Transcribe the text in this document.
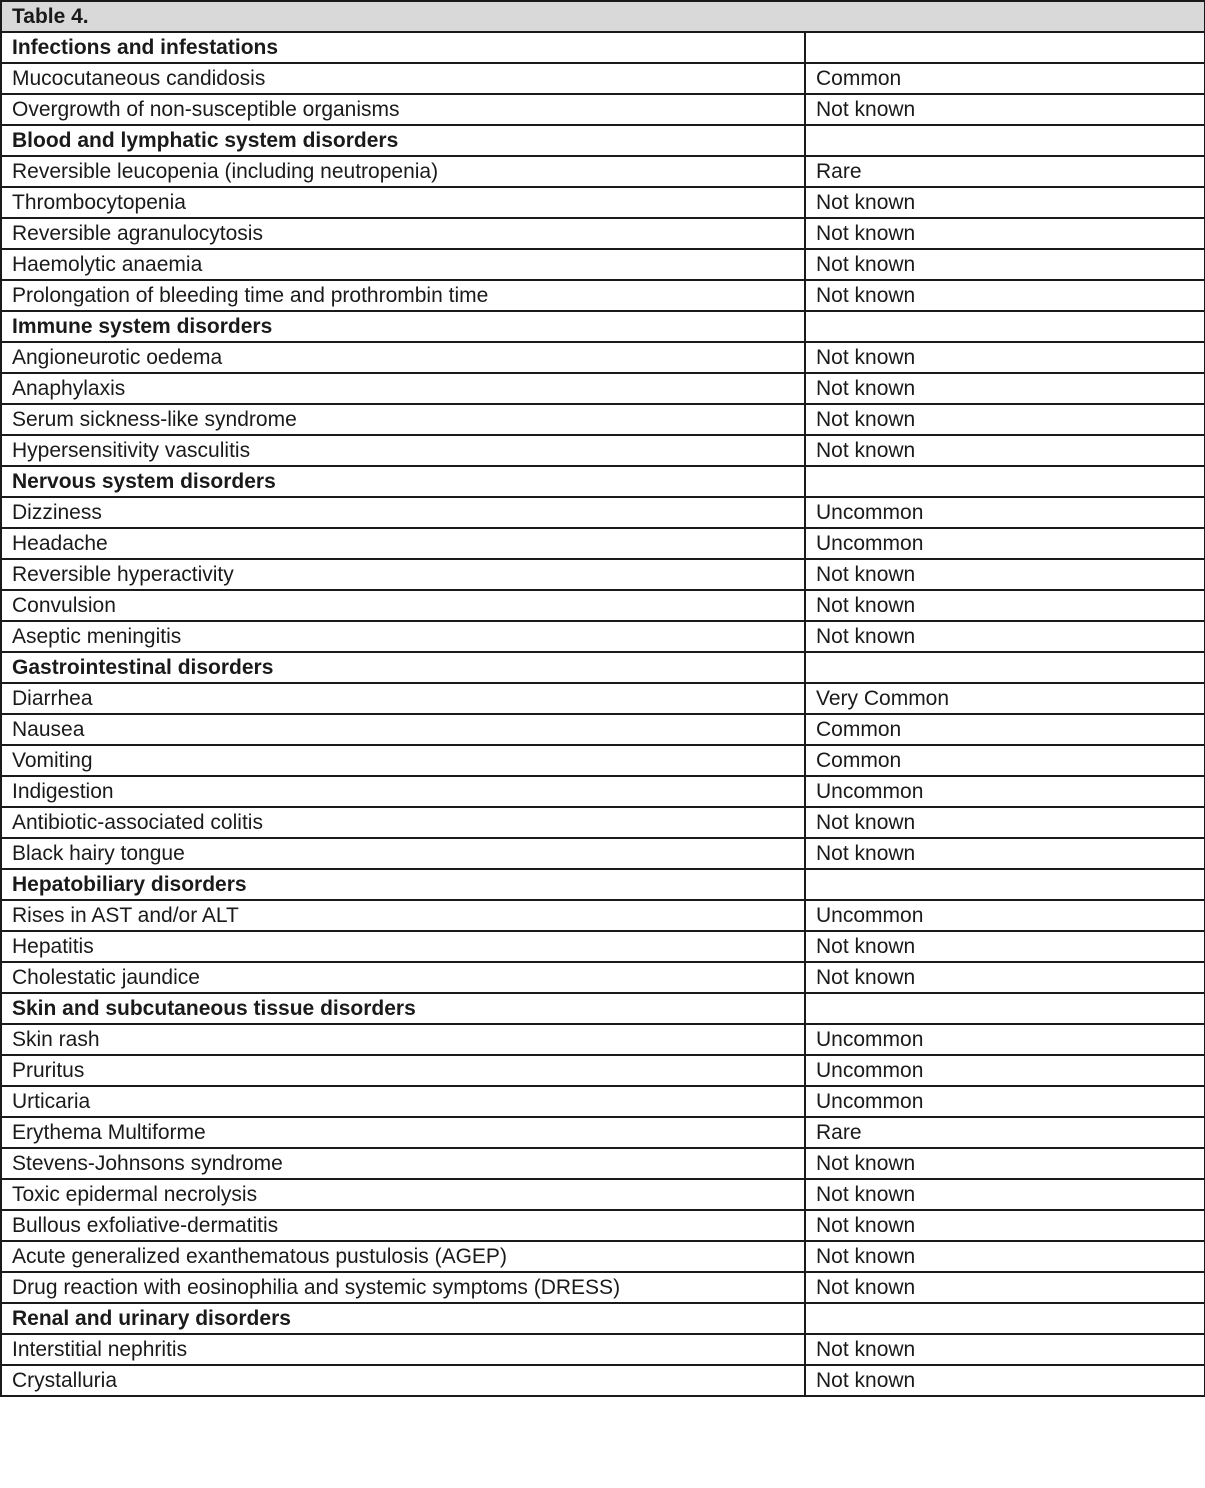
Table 4.	
Infections and infestations	
Mucocutaneous candidosis	Common
Overgrowth of non-susceptible organisms	Not known
Blood and lymphatic system disorders	
Reversible leucopenia (including neutropenia)	Rare
Thrombocytopenia	Not known
Reversible agranulocytosis	Not known
Haemolytic anaemia	Not known
Prolongation of bleeding time and prothrombin time	Not known
Immune system disorders	
Angioneurotic oedema	Not known
Anaphylaxis	Not known
Serum sickness-like syndrome	Not known
Hypersensitivity vasculitis	Not known
Nervous system disorders	
Dizziness	Uncommon
Headache	Uncommon
Reversible hyperactivity	Not known
Convulsion	Not known
Aseptic meningitis	Not known
Gastrointestinal disorders	
Diarrhea	Very Common
Nausea	Common
Vomiting	Common
Indigestion	Uncommon
Antibiotic-associated colitis	Not known
Black hairy tongue	Not known
Hepatobiliary disorders	
Rises in AST and/or ALT	Uncommon
Hepatitis	Not known
Cholestatic jaundice	Not known
Skin and subcutaneous tissue disorders	
Skin rash	Uncommon
Pruritus	Uncommon
Urticaria	Uncommon
Erythema Multiforme	Rare
Stevens-Johnsons syndrome	Not known
Toxic epidermal necrolysis	Not known
Bullous exfoliative-dermatitis	Not known
Acute generalized exanthematous pustulosis (AGEP)	Not known
Drug reaction with eosinophilia and systemic symptoms (DRESS)	Not known
Renal and urinary disorders	
Interstitial nephritis	Not known
Crystalluria	Not known
